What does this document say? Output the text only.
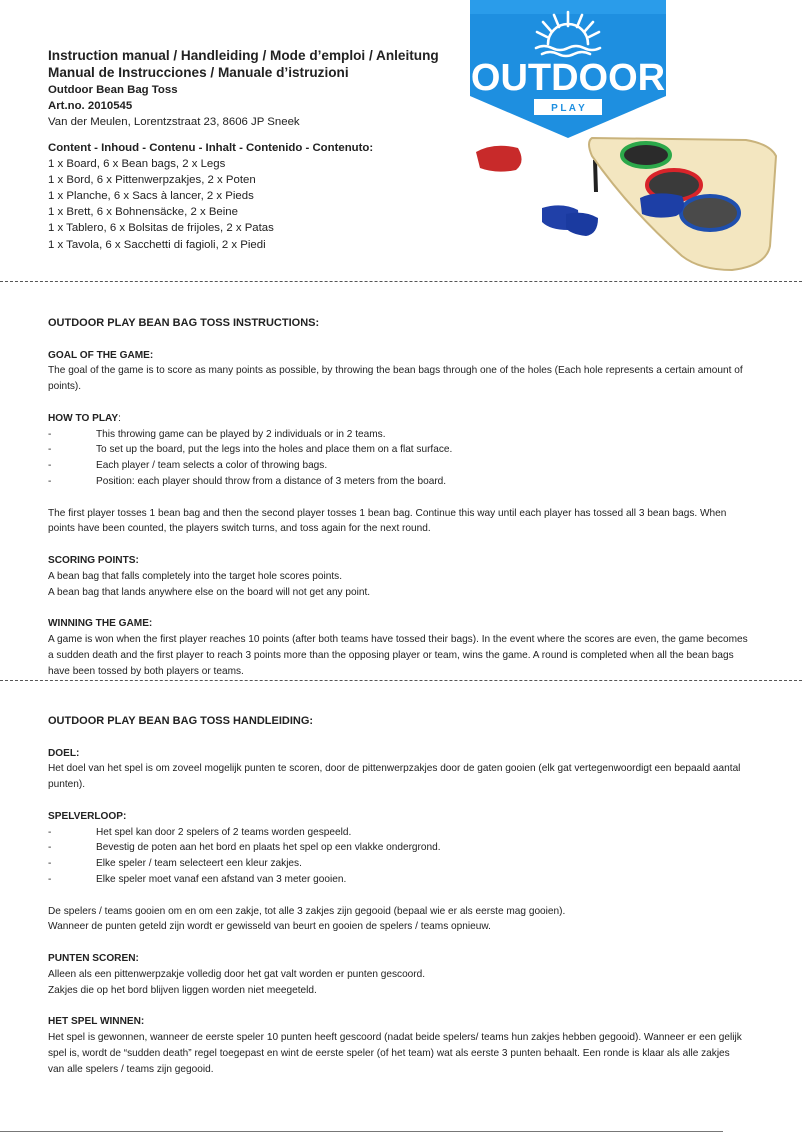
Instruction manual / Handleiding / Mode d’emploi / Anleitung
Manual de Instrucciones / Manuale d’istruzioni
Outdoor Bean Bag Toss
Art.no. 2010545
Van der Meulen, Lorentzstraat 23, 8606 JP Sneek
Content - Inhoud - Contenu - Inhalt - Contenido - Contenuto:
1 x Board, 6 x Bean bags, 2 x Legs
1 x Bord, 6 x Pittenwerpzakjes, 2 x Poten
1 x Planche, 6 x Sacs à lancer, 2 x Pieds
1 x Brett, 6 x Bohnensäcke, 2 x Beine
1 x Tablero, 6 x Bolsitas de frijoles, 2 x Patas
1 x Tavola, 6 x Sacchetti di fagioli, 2 x Piedi
OUTDOOR
P L A Y

OUTDOOR PLAY BEAN BAG TOSS INSTRUCTIONS:

GOAL OF THE GAME:

The goal of the game is to score as many points as possible, by throwing the bean bags through one of the holes (Each hole represents a certain amount of points).

HOW TO PLAY:

-	This throwing game can be played by 2 individuals or in 2 teams.
-	To set up the board, put the legs into the holes and place them on a flat surface.
-	Each player / team selects a color of throwing bags.
-	Position: each player should throw from a distance of 3 meters from the board.

The first player tosses 1 bean bag and then the second player tosses 1 bean bag. Continue this way until each player has tossed all 3 bean bags. When points have been counted, the players switch turns, and toss again for the next round.

SCORING POINTS:

A bean bag that falls completely into the target hole scores points.

A bean bag that lands anywhere else on the board will not get any point.

WINNING THE GAME:

A game is won when the first player reaches 10 points (after both teams have tossed their bags). In the event where the scores are even, the game becomes a sudden death and the first player to reach 3 points more than the opposing player or team, wins the game. A round is completed when all the bean bags have been tossed by both players or teams.

OUTDOOR PLAY BEAN BAG TOSS HANDLEIDING:

DOEL:

Het doel van het spel is om zoveel mogelijk punten te scoren, door de pittenwerpzakjes door de gaten gooien (elk gat vertegenwoordigt een bepaald aantal punten).

SPELVERLOOP:

-	Het spel kan door 2 spelers of 2 teams worden gespeeld.
-	Bevestig de poten aan het bord en plaats het spel op een vlakke ondergrond.
-	Elke speler / team selecteert een kleur zakjes.
-	Elke speler moet vanaf een afstand van 3 meter gooien.

De spelers / teams gooien om en om een zakje, tot alle 3 zakjes zijn gegooid (bepaal wie er als eerste mag gooien).

Wanneer de punten geteld zijn wordt er gewisseld van beurt en gooien de spelers / teams opnieuw.

PUNTEN SCOREN:

Alleen als een pittenwerpzakje volledig door het gat valt worden er punten gescoord.

Zakjes die op het bord blijven liggen worden niet meegeteld.

HET SPEL WINNEN:

Het spel is gewonnen, wanneer de eerste speler 10 punten heeft gescoord (nadat beide spelers/ teams hun zakjes hebben gegooid). Wanneer er een gelijk spel is, wordt de “sudden death” regel toegepast en wint de eerste speler (of het team) wat als eerste 3 punten behaalt. Een ronde is klaar als alle zakjes van alle spelers / teams zijn gegooid.
